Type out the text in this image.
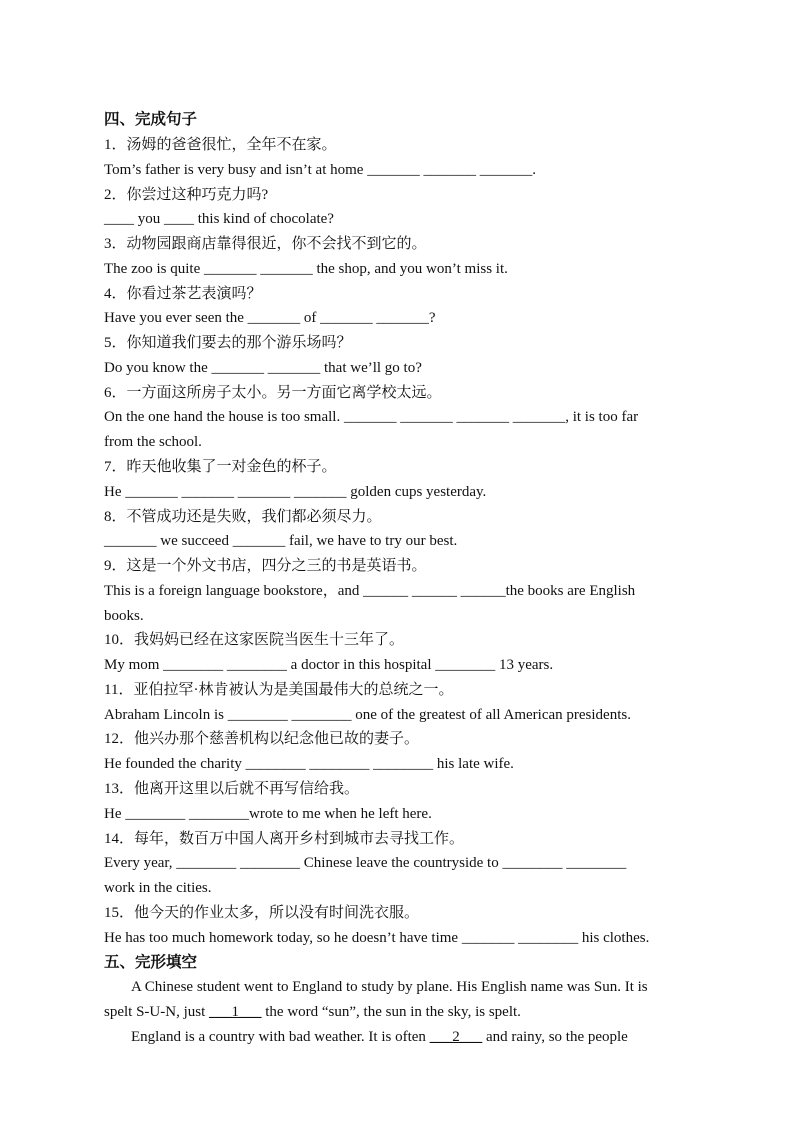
四、完成句子
1．汤姆的爸爸很忙，全年不在家。
Tom’s father is very busy and isn’t at home _______ _______ _______.
2．你尝过这种巧克力吗?
____ you ____ this kind of chocolate?
3．动物园跟商店靠得很近，你不会找不到它的。
The zoo is quite _______ _______ the shop, and you won’t miss it.
4．你看过茶艺表演吗？
Have you ever seen the _______ of _______ _______?
5．你知道我们要去的那个游乐场吗？
Do you know the _______ _______ that we’ll go to?
6．一方面这所房子太小。另一方面它离学校太远。
On the one hand the house is too small. _______ _______ _______ _______, it is too far
from the school.
7．昨天他收集了一对金色的杯子。
He _______ _______ _______ _______ golden cups yesterday.
8．不管成功还是失败，我们都必须尽力。
_______ we succeed _______ fail, we have to try our best.
9．这是一个外文书店，四分之三的书是英语书。
This is a foreign language bookstore，and ______ ______ ______the books are English
books.
10．我妈妈已经在这家医院当医生十三年了。
My mom ________ ________ a doctor in this hospital ________ 13 years.
11．亚伯拉罕·林肯被认为是美国最伟大的总统之一。
Abraham Lincoln is ________ ________ one of the greatest of all American presidents.
12．他兴办那个慈善机构以纪念他已故的妻子。
He founded the charity ________ ________ ________ his late wife.
13．他离开这里以后就不再写信给我。
He ________ ________wrote to me when he left here.
14．每年，数百万中国人离开乡村到城市去寻找工作。
Every year, ________ ________ Chinese leave the countryside to ________ ________
work in the cities.
15．他今天的作业太多，所以没有时间洗衣服。
He has too much homework today, so he doesn’t have time _______ ________ his clothes.
五、完形填空
A Chinese student went to England to study by plane. His English name was Sun. It is
spelt S-U-N, just ___1___ the word “sun”, the sun in the sky, is spelt.
England is a country with bad weather. It is often ___2___ and rainy, so the people
